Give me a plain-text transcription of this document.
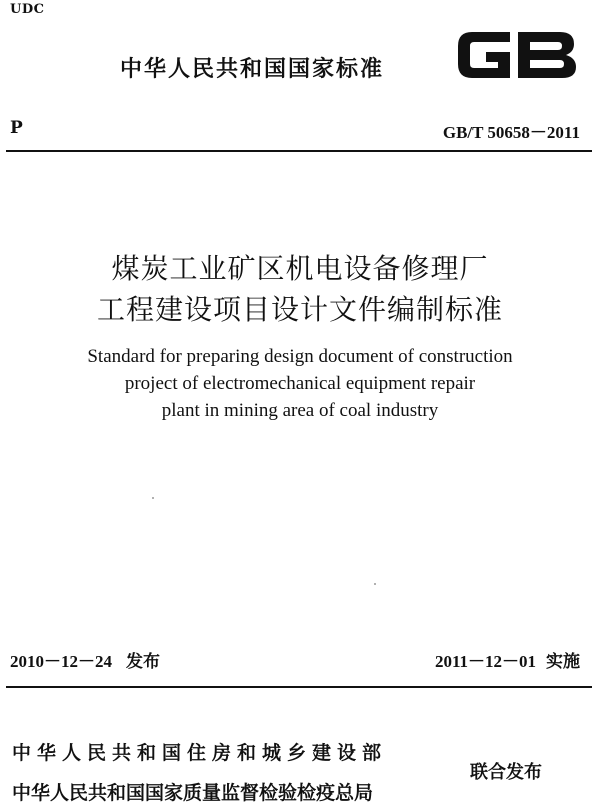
UDC
中华人民共和国国家标准
P	GB/T 50658－2011
煤炭工业矿区机电设备修理厂
工程建设项目设计文件编制标准
Standard for preparing design document of construction
project of electromechanical equipment repair
plant in mining area of coal industry
2010－12－24 发布	2011－12－01 实施
中华人民共和国住房和城乡建设部
中华人民共和国国家质量监督检验检疫总局
联合发布
